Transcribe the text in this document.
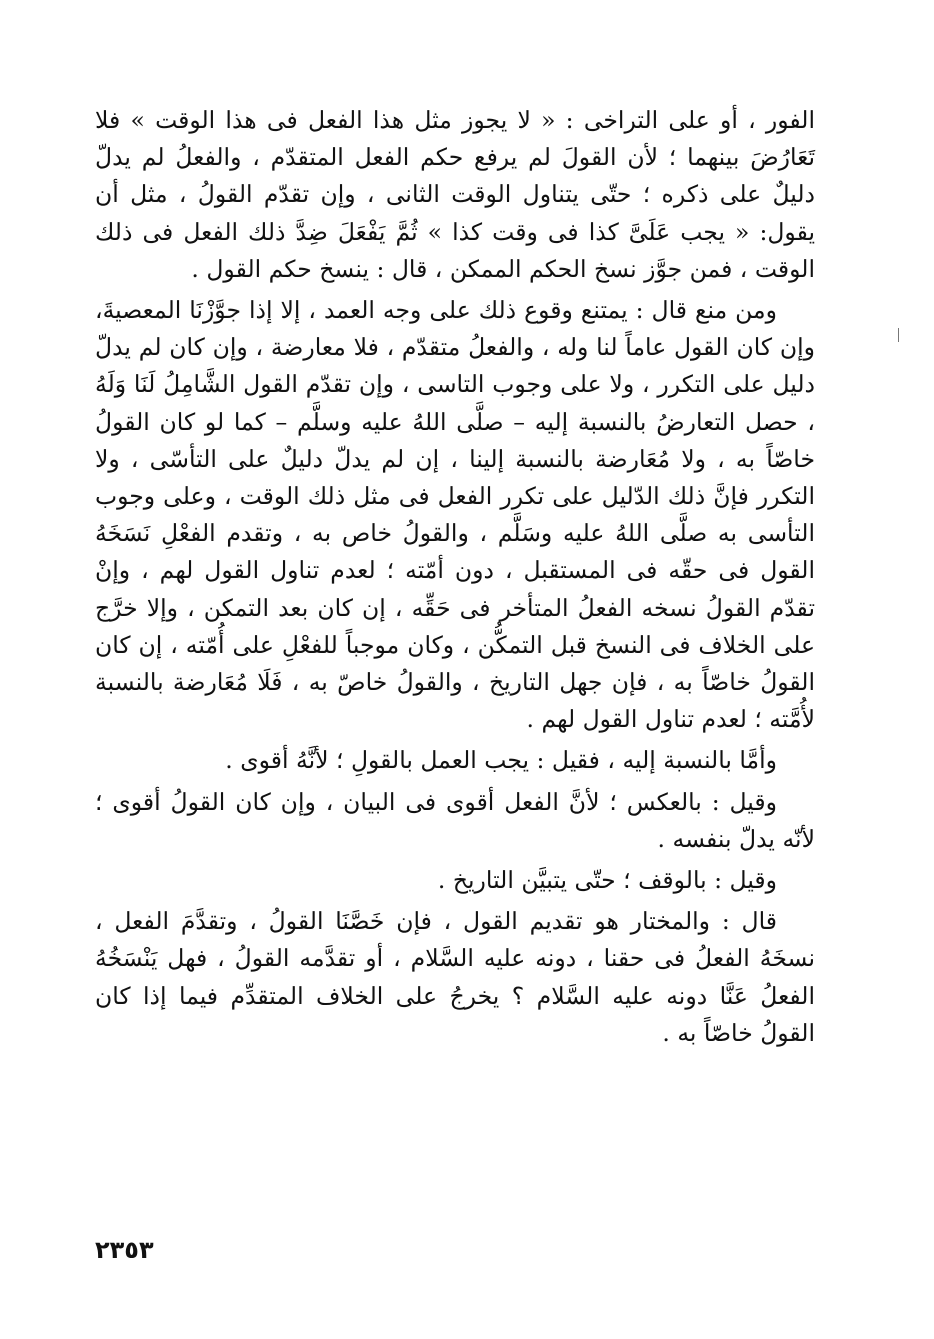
الفور ، أو على التراخى : « لا يجوز مثل هذا الفعل فى هذا الوقت » فلا تَعَارُضَ بينهما ؛ لأن القولَ لم يرفع حكم الفعل المتقدّم ، والفعلُ لم يدلّ دليلٌ على ذكره ؛ حتّى يتناول الوقت الثانى ، وإن تقدّم القولُ ، مثل أن يقول: « يجب عَلَىَّ كذا فى وقت كذا » ثُمَّ يَفْعَلَ ضِدَّ ذلك الفعل فى ذلك الوقت ، فمن جوَّز نسخ الحكم الممكن ، قال : ينسخ حكم القول .

ومن منع قال : يمتنع وقوع ذلك على وجه العمد ، إلا إذا جوَّزْنَا المعصيةَ، وإن كان القول عاماً لنا وله ، والفعلُ متقدّم ، فلا معارضة ، وإن كان لم يدلّ دليل على التكرر ، ولا على وجوب التاسى ، وإن تقدّم القول الشَّامِلُ لَنَا وَلَهُ ، حصل التعارضُ بالنسبة إليه – صلَّى اللهُ عليه وسلَّم – كما لو كان القولُ خاصّاً به ، ولا مُعَارضة بالنسبة إلينا ، إن لم يدلّ دليلٌ على التأسّى ، ولا التكرر فإنَّ ذلك الدّليل على تكرر الفعل فى مثل ذلك الوقت ، وعلى وجوب التأسى به صلَّى اللهُ عليه وسَلَّم ، والقولُ خاص به ، وتقدم الفعْلِ نَسَخَهُ القول فى حقّه فى المستقبل ، دون أمّته ؛ لعدم تناول القول لهم ، وإنْ تقدّم القولُ نسخه الفعلُ المتأخر فى حَقِّه ، إن كان بعد التمكن ، وإلا خرَّج على الخلاف فى النسخ قبل التمكُّن ، وكان موجباً للفعْلِ على أُمّته ، إن كان القولُ خاصّاً به ، فإن جهل التاريخ ، والقولُ خاصّ به ، فَلَا مُعَارضة بالنسبة لأُمَّته ؛ لعدم تناول القول لهم .

وأمَّا بالنسبة إليه ، فقيل : يجب العمل بالقولِ ؛ لأنَّهُ أقوى .

وقيل : بالعكس ؛ لأنَّ الفعل أقوى فى البيان ، وإن كان القولُ أقوى ؛ لأنّه يدلّ بنفسه .

وقيل : بالوقف ؛ حتّى يتبيَّن التاريخ .

قال : والمختار هو تقديم القول ، فإن خَصَّنَا القولُ ، وتقدَّمَ الفعل ، نسخَهُ الفعلُ فى حقنا ، دونه عليه السَّلام ، أو تقدَّمه القولُ ، فهل يَنْسَخُهُ الفعلُ عَنَّا دونه عليه السَّلام ؟ يخرجُ على الخلاف المتقدِّم فيما إذا كان القولُ خاصّاً به .

٢٣٥٣
